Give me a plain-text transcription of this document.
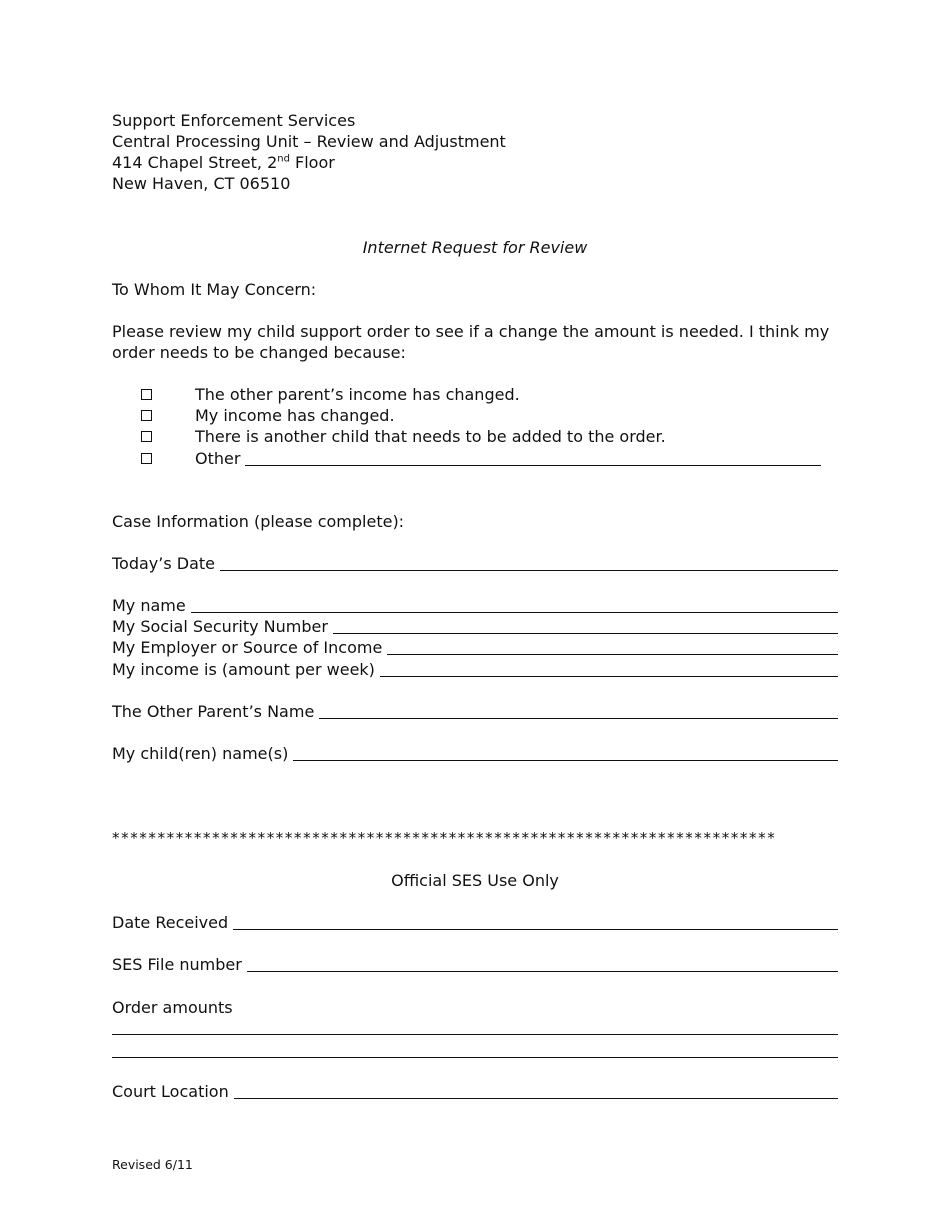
Support Enforcement Services
Central Processing Unit – Review and Adjustment
414 Chapel Street, 2nd Floor
New Haven, CT 06510
Internet Request for Review
To Whom It May Concern:
Please review my child support order to see if a change the amount is needed. I think my
order needs to be changed because:
The other parent’s income has changed.
My income has changed.
There is another child that needs to be added to the order.
Other
Case Information (please complete):
Today’s Date
My name
My Social Security Number
My Employer or Source of Income
My income is (amount per week)
The Other Parent’s Name
My child(ren) name(s)
*************************************************************************
Official SES Use Only
Date Received
SES File number
Order amounts
Court Location
Revised 6/11
